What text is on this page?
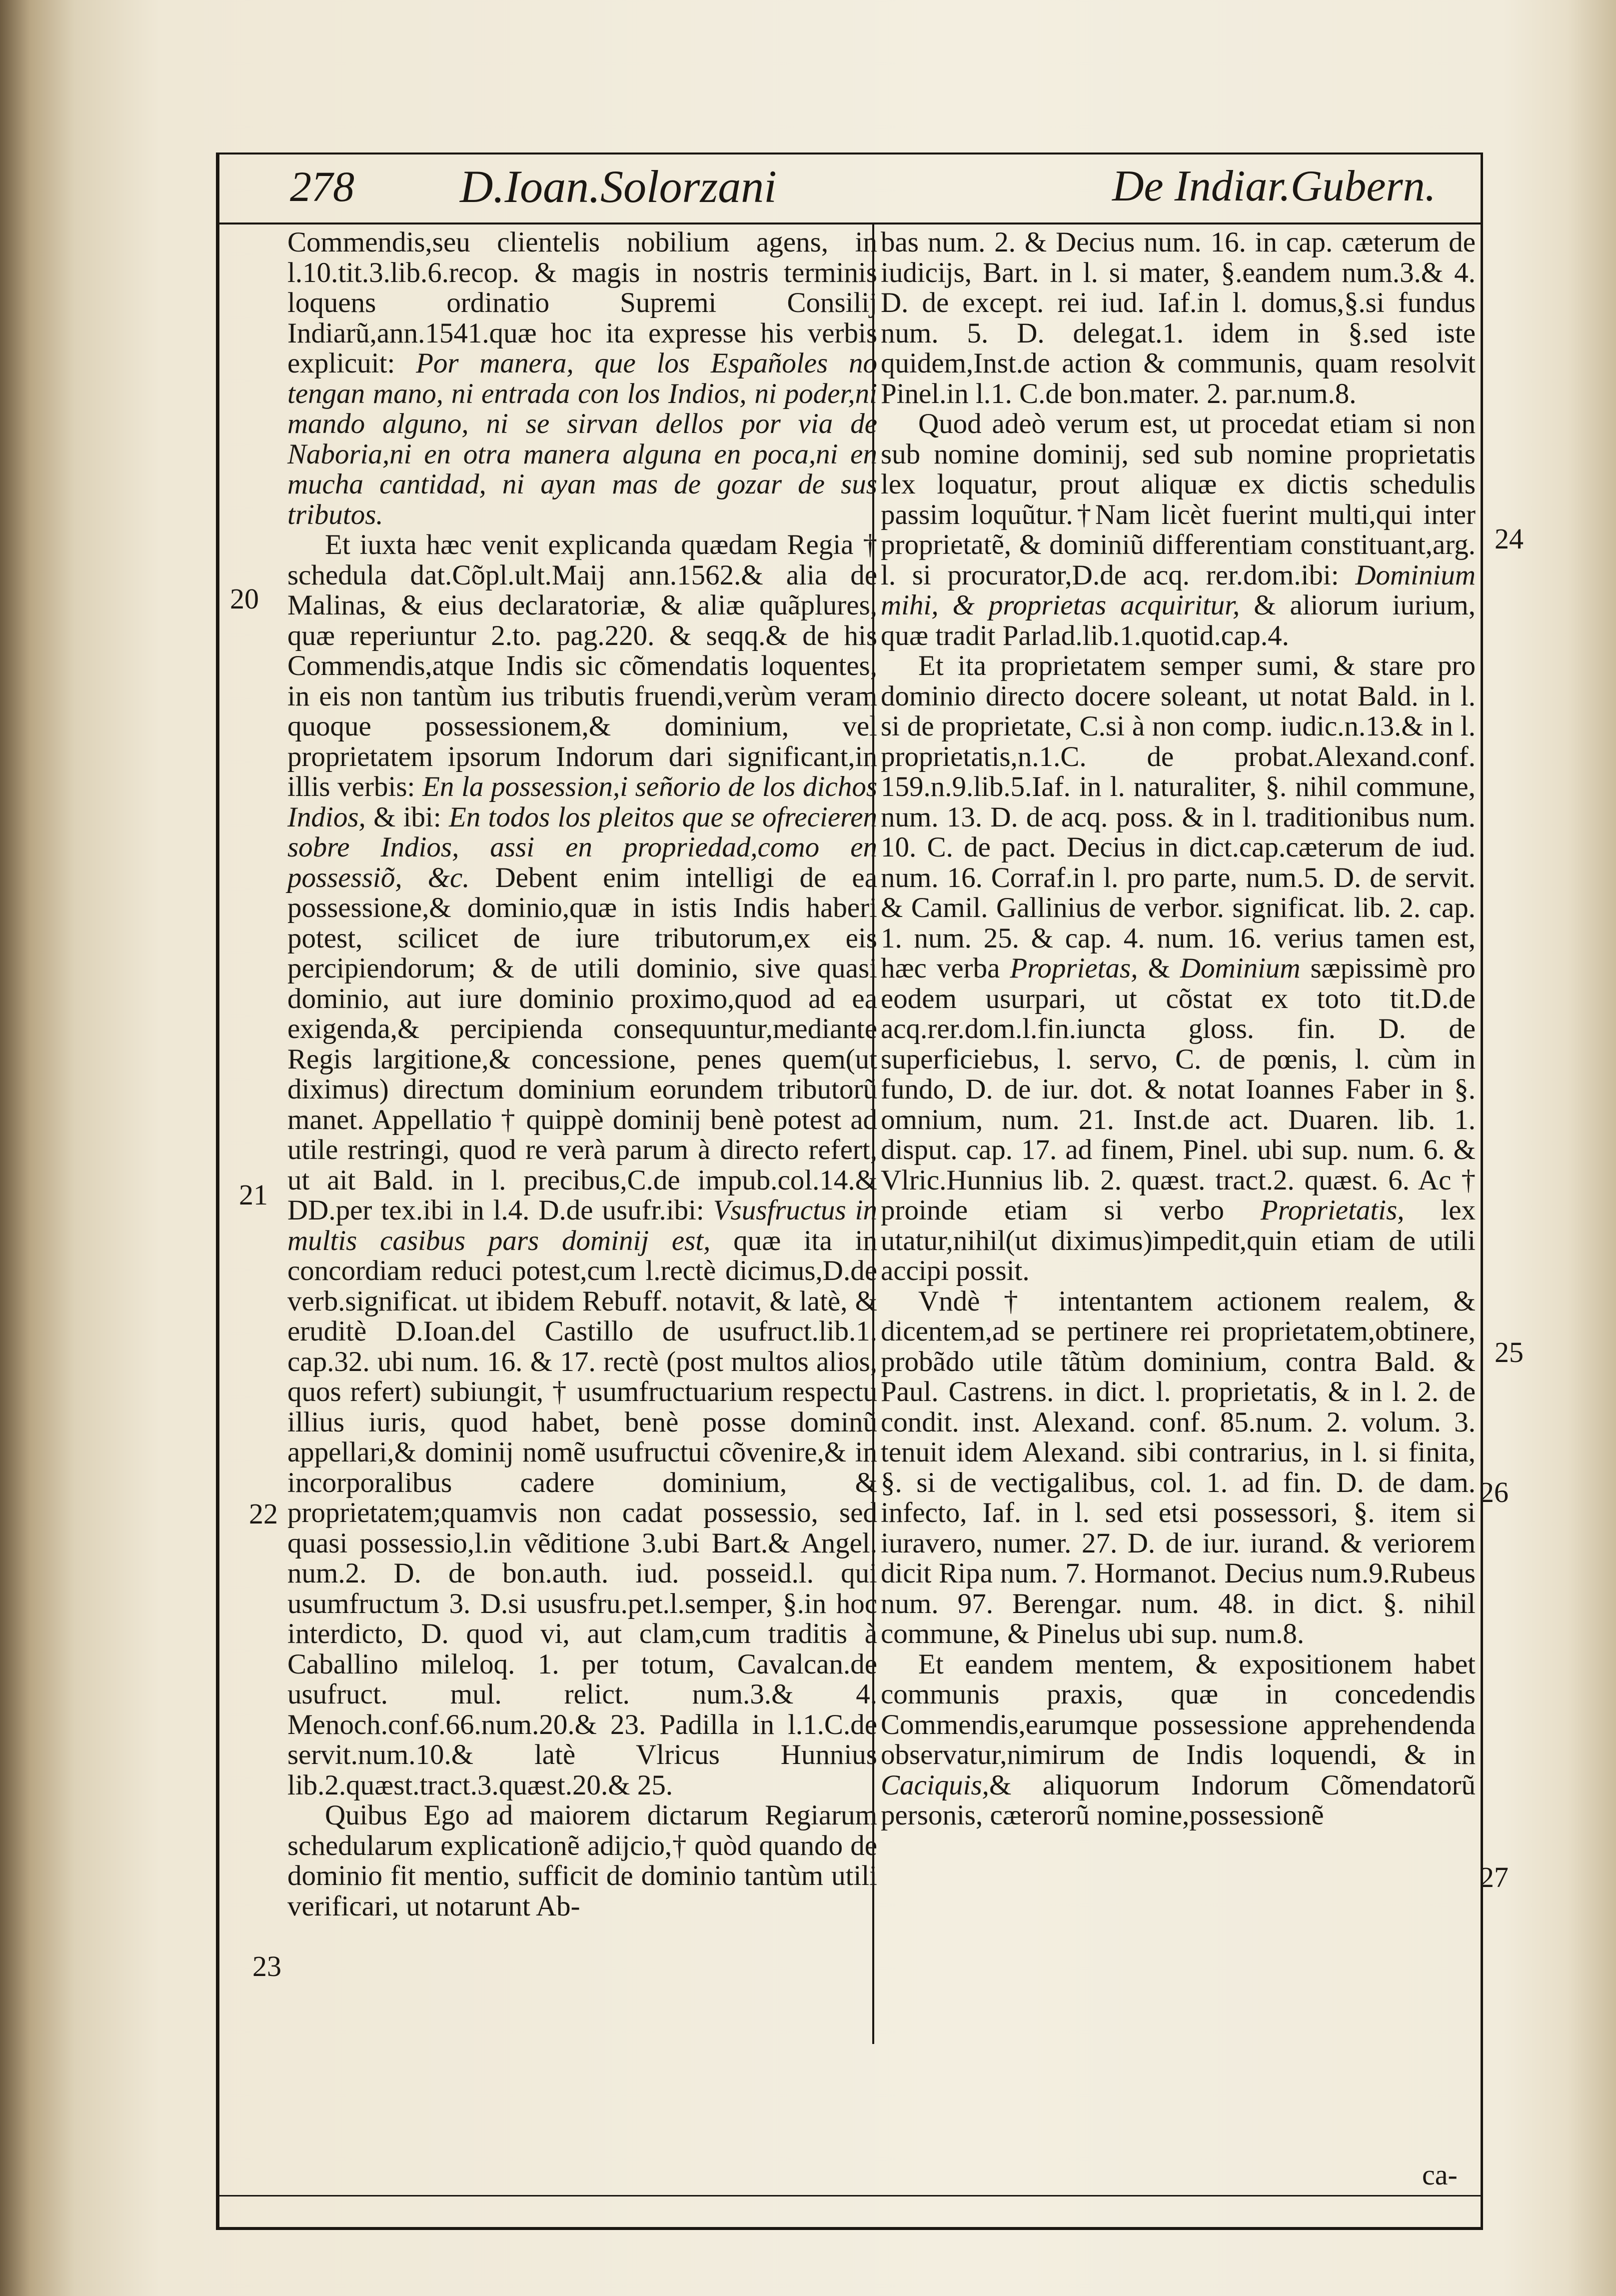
278 D.Ioan.Solorzani	De Indiar.Gubern.

Commendis,seu clientelis nobilium agens, in l.10.tit.3.lib.6.recop. & magis in nostris terminis loquens ordinatio Supremi Consilij Indiarũ,ann.1541.quæ hoc ita expresse his verbis explicuit: Por manera, que los Españoles no tengan mano, ni entrada con los Indios, ni poder,ni mando alguno, ni se sirvan dellos por via de Naboria,ni en otra manera alguna en poca,ni en mucha cantidad, ni ayan mas de gozar de sus tributos.

Et iuxta hæc venit explicanda quædam Regia † schedula dat.Cõpl.ult.Maij ann.1562.& alia de Malinas, & eius declaratoriæ, & aliæ quãplures, quæ reperiuntur 2.to. pag.220. & seqq.& de his Commendis,atque Indis sic cõmendatis loquentes, in eis non tantùm ius tributis fruendi,verùm veram quoque possessionem,& dominium, vel proprietatem ipsorum Indorum dari significant,in illis verbis: En la possession,i señorio de los dichos Indios, & ibi: En todos los pleitos que se ofrecieren sobre Indios, assi en propriedad,como en possessiõ, &c. Debent enim intelligi de ea possessione,& dominio,quæ in istis Indis haberi potest, scilicet de iure tributorum,ex eis percipiendorum; & de utili dominio, sive quasi dominio, aut iure dominio proximo,quod ad ea exigenda,& percipienda consequuntur,mediante Regis largitione,& concessione, penes quem(ut diximus) directum dominium eorundem tributorũ manet. Appellatio † quippè dominij benè potest ad utile restringi, quod re verà parum à directo refert, ut ait Bald. in l. precibus,C.de impub.col.14.& DD.per tex.ibi in l.4. D.de usufr.ibi: Vsusfructus in multis casibus pars dominij est, quæ ita in concordiam reduci potest,cum l.rectè dicimus,D.de verb.significat. ut ibidem Rebuff. notavit, & latè, & eruditè D.Ioan.del Castillo de usufruct.lib.1. cap.32. ubi num. 16. & 17. rectè (post multos alios, quos refert) subiungit, † usumfructuarium respectu illius iuris, quod habet, benè posse dominũ appellari,& dominij nomẽ usufructui cõvenire,& in incorporalibus cadere dominium, & proprietatem;quamvis non cadat possessio, sed quasi possessio,l.in vẽditione 3.ubi Bart.& Angel. num.2. D. de bon.auth. iud. posseid.l. qui usumfructum 3. D.si ususfru.pet.l.semper, §.in hoc interdicto, D. quod vi, aut clam,cum traditis à Caballino mileloq. 1. per totum, Cavalcan.de usufruct. mul. relict. num.3.& 4. Menoch.conf.66.num.20.& 23. Padilla in l.1.C.de servit.num.10.& latè Vlricus Hunnius lib.2.quæst.tract.3.quæst.20.& 25.

Quibus Ego ad maiorem dictarum Regiarum schedularum explicationẽ adijcio,† quòd quando de dominio fit mentio, sufficit de dominio tantùm utili verificari, ut notarunt Ab-

bas num. 2. & Decius num. 16. in cap. cæterum de iudicijs, Bart. in l. si mater, §.eandem num.3.& 4. D. de except. rei iud. Iaf.in l. domus,§.si fundus num. 5. D. delegat.1. idem in §.sed iste quidem,Inst.de action & communis, quam resolvit Pinel.in l.1. C.de bon.mater. 2. par.num.8.

Quod adeò verum est, ut procedat etiam si non sub nomine dominij, sed sub nomine proprietatis lex loquatur, prout aliquæ ex dictis schedulis passim loquũtur.†Nam licèt fuerint multi,qui inter proprietatẽ, & dominiũ differentiam constituant,arg. l. si procurator,D.de acq. rer.dom.ibi: Dominium mihi, & proprietas acquiritur, & aliorum iurium, quæ tradit Parlad.lib.1.quotid.cap.4.

Et ita proprietatem semper sumi, & stare pro dominio directo docere soleant, ut notat Bald. in l. si de proprietate, C.si à non comp. iudic.n.13.& in l. proprietatis,n.1.C. de probat.Alexand.conf. 159.n.9.lib.5.Iaf. in l. naturaliter, §. nihil commune, num. 13. D. de acq. poss. & in l. traditionibus num. 10. C. de pact. Decius in dict.cap.cæterum de iud. num. 16. Corraf.in l. pro parte, num.5. D. de servit. & Camil. Gallinius de verbor. significat. lib. 2. cap. 1. num. 25. & cap. 4. num. 16. verius tamen est, hæc verba Proprietas, & Dominium sæpissimè pro eodem usurpari, ut cõstat ex toto tit.D.de acq.rer.dom.l.fin.iuncta gloss. fin. D. de superficiebus, l. servo, C. de pœnis, l. cùm in fundo, D. de iur. dot. & notat Ioannes Faber in §. omnium, num. 21. Inst.de act. Duaren. lib. 1. disput. cap. 17. ad finem, Pinel. ubi sup. num. 6. & Vlric.Hunnius lib. 2. quæst. tract.2. quæst. 6. Ac † proinde etiam si verbo Proprietatis, lex utatur,nihil(ut diximus)impedit,quin etiam de utili accipi possit.

Vndè † intentantem actionem realem, & dicentem,ad se pertinere rei proprietatem,obtinere, probãdo utile tãtùm dominium, contra Bald. & Paul. Castrens. in dict. l. proprietatis, & in l. 2. de condit. inst. Alexand. conf. 85.num. 2. volum. 3. tenuit idem Alexand. sibi contrarius, in l. si finita, §. si de vectigalibus, col. 1. ad fin. D. de dam. infecto, Iaf. in l. sed etsi possessori, §. item si iuravero, numer. 27. D. de iur. iurand. & veriorem dicit Ripa num. 7. Hormanot. Decius num.9.Rubeus num. 97. Berengar. num. 48. in dict. §. nihil commune, & Pinelus ubi sup. num.8.

Et eandem mentem, & expositionem habet communis praxis, quæ in concedendis Commendis,earumque possessione apprehendenda observatur,nimirum de Indis loquendi, & in Caciquis,& aliquorum Indorum Cõmendatorũ personis, cæterorũ nomine,possessionẽ

20
21
22
23
24
25
26
27
ca-
